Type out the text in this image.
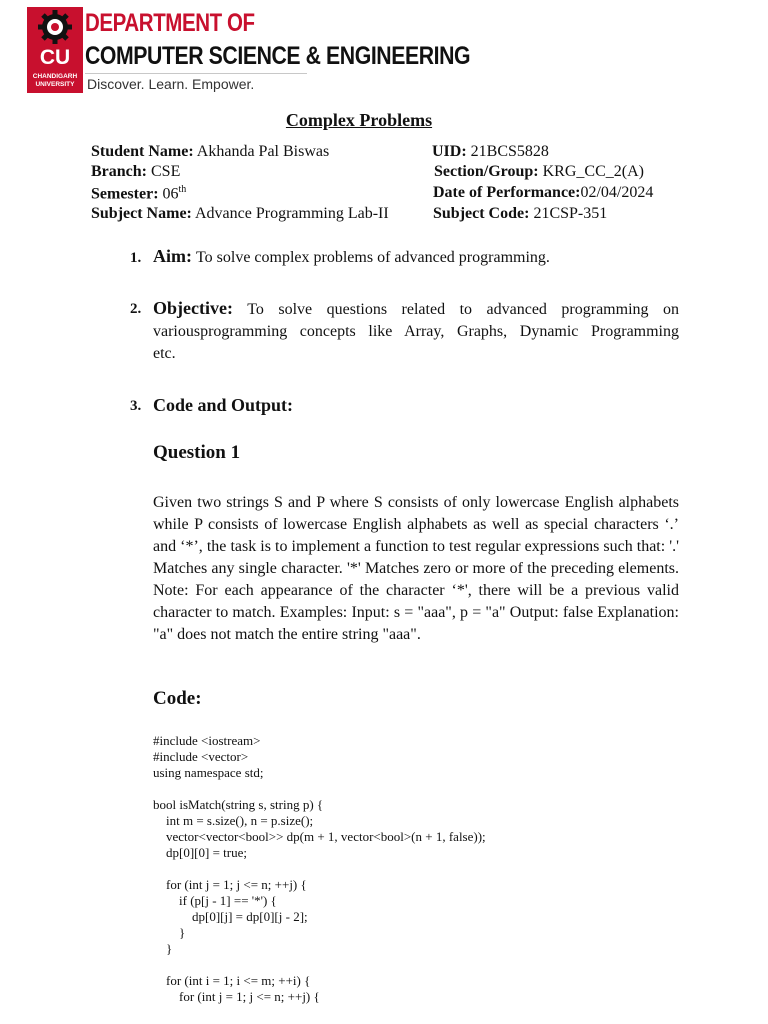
CU
CHANDIGARH
UNIVERSITY
DEPARTMENT OF
COMPUTER SCIENCE & ENGINEERING
Discover. Learn. Empower.
Complex Problems
Student Name: Akhanda Pal Biswas	UID: 21BCS5828
Branch: CSE	Section/Group: KRG_CC_2(A)
Semester: 06th	Date of Performance:02/04/2024
Subject Name: Advance Programming Lab-II	Subject Code: 21CSP-351
1. Aim: To solve complex problems of advanced programming.
2. Objective: To solve questions related to advanced programming on
variousprogramming concepts like Array, Graphs, Dynamic Programming
etc.
3. Code and Output:
Question 1
Given two strings S and P where S consists of only lowercase English alphabets while P consists of lowercase English alphabets as well as special characters ‘.’ and ‘*’, the task is to implement a function to test regular expressions such that: '.' Matches any single character. '*' Matches zero or more of the preceding elements. Note: For each appearance of the character ‘*', there will be a previous valid character to match. Examples: Input: s = "aaa", p = "a" Output: false Explanation: "a" does not match the entire string "aaa".
Code:
#include <iostream>
#include <vector>
using namespace std;

bool isMatch(string s, string p) {
int m = s.size(), n = p.size();
vector<vector<bool>> dp(m + 1, vector<bool>(n + 1, false));
dp[0][0] = true;

for (int j = 1; j <= n; ++j) {
if (p[j - 1] == '*') {
dp[0][j] = dp[0][j - 2];
}
}

for (int i = 1; i <= m; ++i) {
for (int j = 1; j <= n; ++j) {
